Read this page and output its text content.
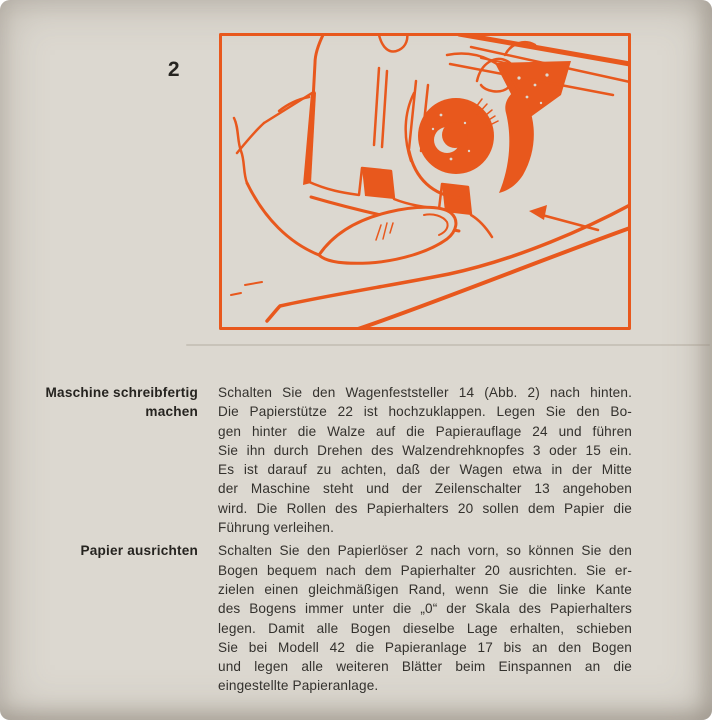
2
Maschine schreibfertig
machen
Schalten Sie den Wagenfeststeller 14 (Abb. 2) nach hinten.
Die Papierstütze 22 ist hochzuklappen. Legen Sie den Bo-
gen hinter die Walze auf die Papierauflage 24 und führen
Sie ihn durch Drehen des Walzendrehknopfes 3 oder 15 ein.
Es ist darauf zu achten, daß der Wagen etwa in der Mitte
der Maschine steht und der Zeilenschalter 13 angehoben
wird. Die Rollen des Papierhalters 20 sollen dem Papier die
Führung verleihen.
Papier ausrichten Schalten Sie den Papierlöser 2 nach vorn, so können Sie den
Bogen bequem nach dem Papierhalter 20 ausrichten. Sie er-
zielen einen gleichmäßigen Rand, wenn Sie die linke Kante
des Bogens immer unter die „0“ der Skala des Papierhalters
legen. Damit alle Bogen dieselbe Lage erhalten, schieben
Sie bei Modell 42 die Papieranlage 17 bis an den Bogen
und legen alle weiteren Blätter beim Einspannen an die
eingestellte Papieranlage.
